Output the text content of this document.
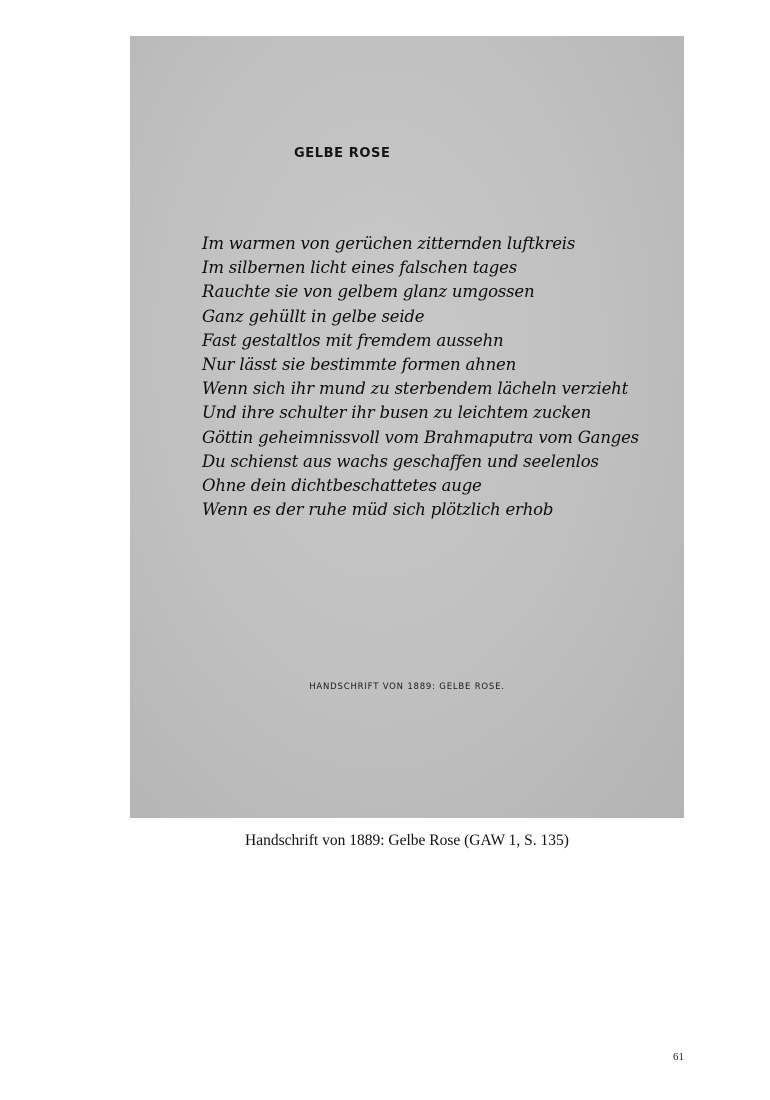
GELBE ROSE
Im warmen von gerüchen zitternden luftkreis
Im silbernen licht eines falschen tages
Rauchte sie von gelbem glanz umgossen
Ganz gehüllt in gelbe seide
Fast gestaltlos mit fremdem aussehn
Nur lässt sie bestimmte formen ahnen
Wenn sich ihr mund zu sterbendem lächeln verzieht
Und ihre schulter ihr busen zu leichtem zucken
Göttin geheimnissvoll vom Brahmaputra vom Ganges
Du schienst aus wachs geschaffen und seelenlos
Ohne dein dichtbeschattetes auge
Wenn es der ruhe müd sich plötzlich erhob
HANDSCHRIFT VON 1889: GELBE ROSE.
Handschrift von 1889: Gelbe Rose (GAW 1, S. 135)
61
